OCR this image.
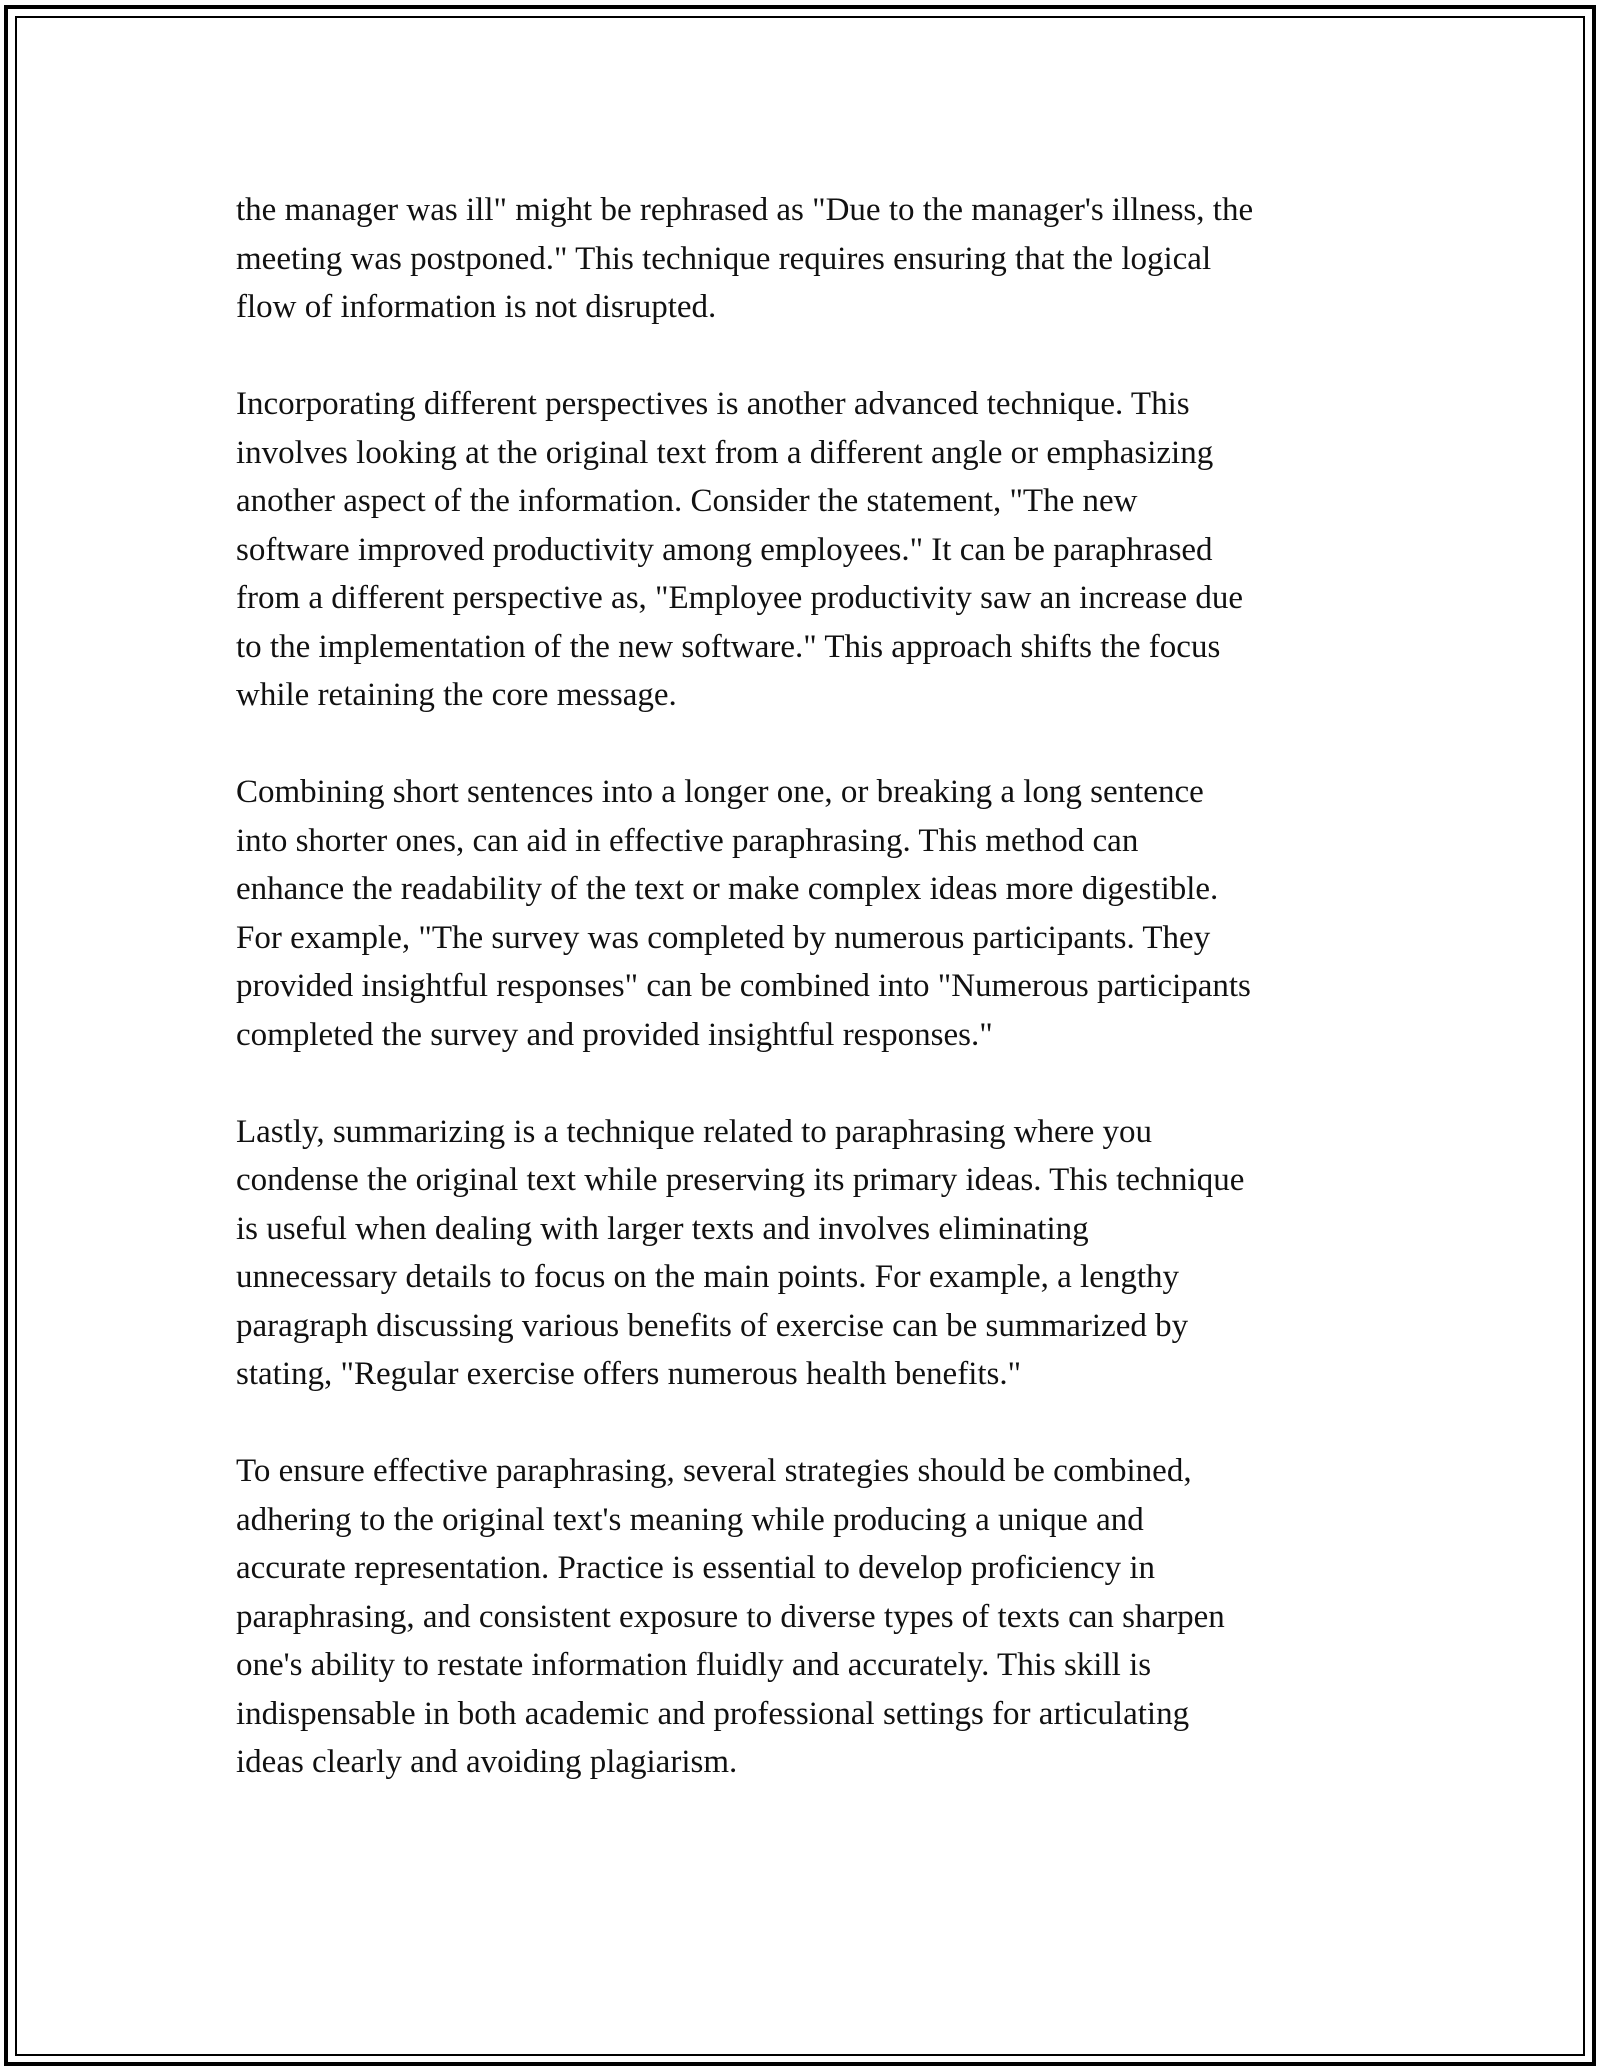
the manager was ill" might be rephrased as "Due to the manager's illness, the
meeting was postponed." This technique requires ensuring that the logical
flow of information is not disrupted.

Incorporating different perspectives is another advanced technique. This
involves looking at the original text from a different angle or emphasizing
another aspect of the information. Consider the statement, "The new
software improved productivity among employees." It can be paraphrased
from a different perspective as, "Employee productivity saw an increase due
to the implementation of the new software." This approach shifts the focus
while retaining the core message.

Combining short sentences into a longer one, or breaking a long sentence
into shorter ones, can aid in effective paraphrasing. This method can
enhance the readability of the text or make complex ideas more digestible.
For example, "The survey was completed by numerous participants. They
provided insightful responses" can be combined into "Numerous participants
completed the survey and provided insightful responses."

Lastly, summarizing is a technique related to paraphrasing where you
condense the original text while preserving its primary ideas. This technique
is useful when dealing with larger texts and involves eliminating
unnecessary details to focus on the main points. For example, a lengthy
paragraph discussing various benefits of exercise can be summarized by
stating, "Regular exercise offers numerous health benefits."

To ensure effective paraphrasing, several strategies should be combined,
adhering to the original text's meaning while producing a unique and
accurate representation. Practice is essential to develop proficiency in
paraphrasing, and consistent exposure to diverse types of texts can sharpen
one's ability to restate information fluidly and accurately. This skill is
indispensable in both academic and professional settings for articulating
ideas clearly and avoiding plagiarism.
